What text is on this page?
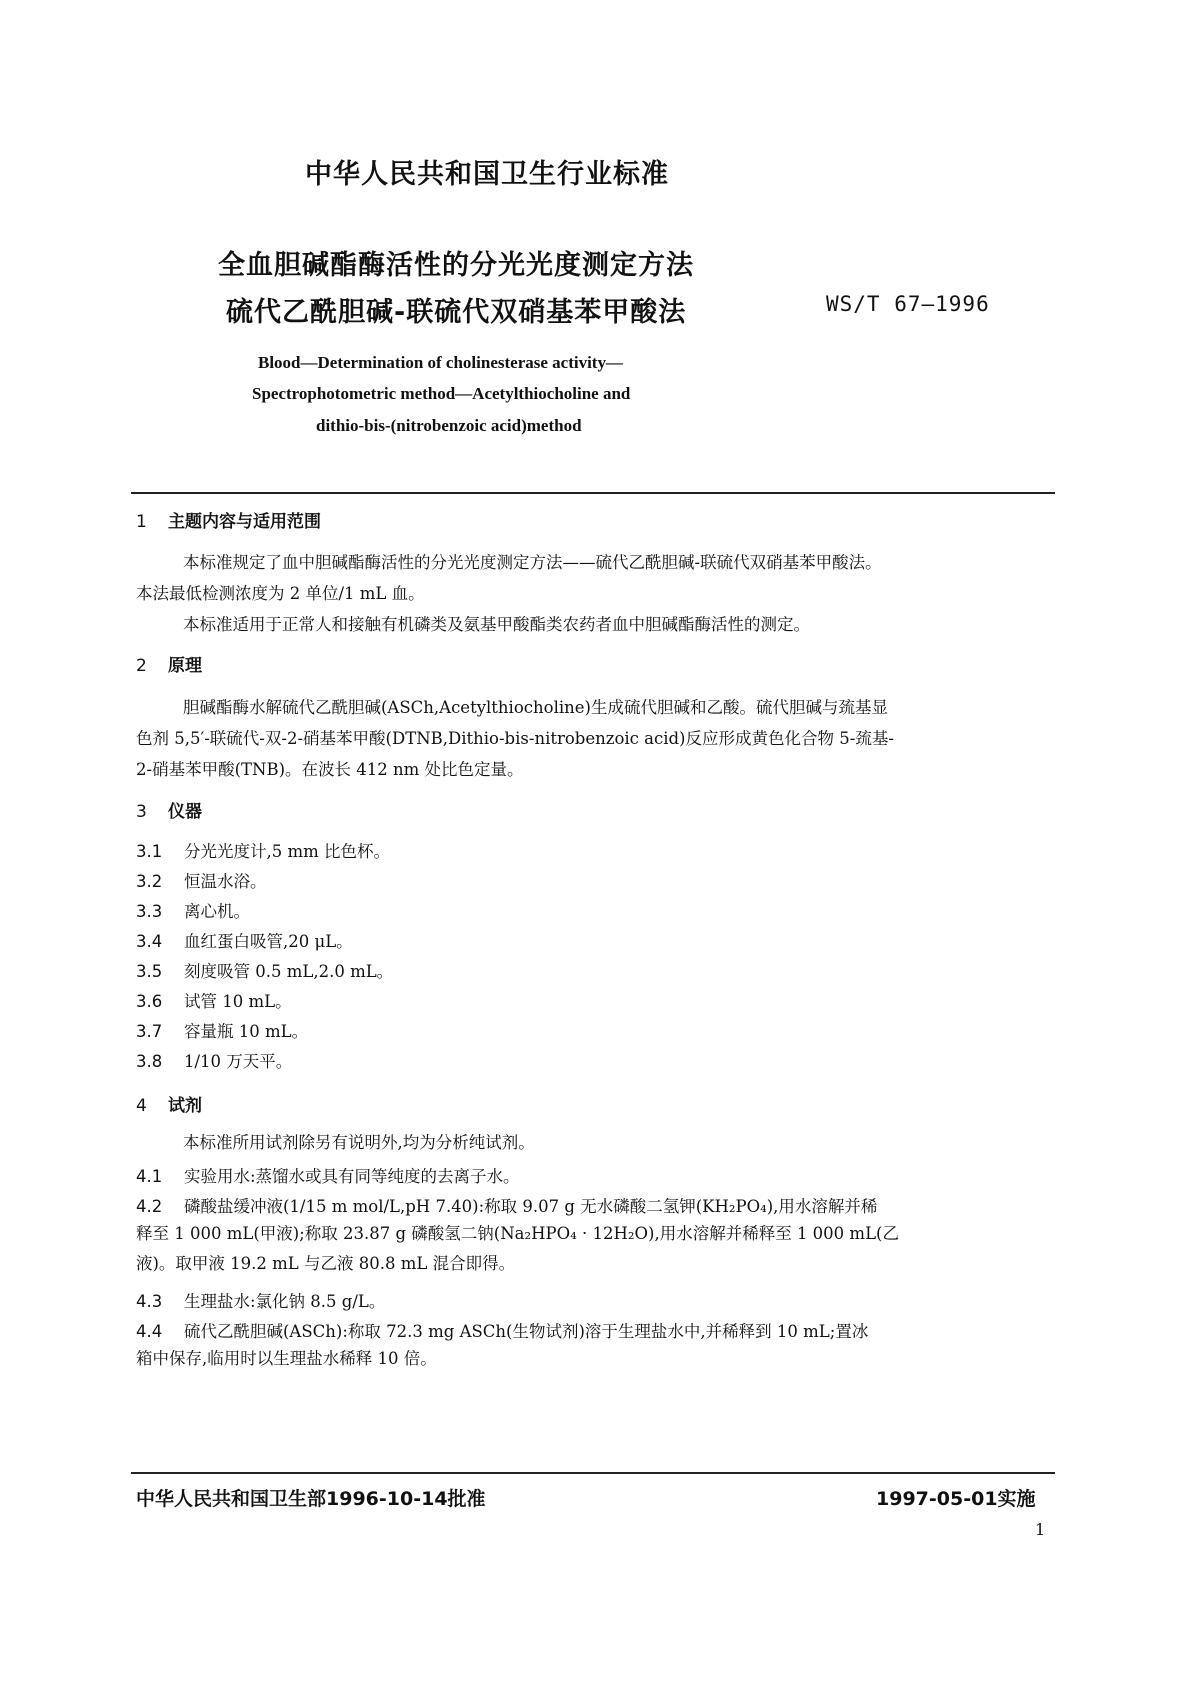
中华人民共和国卫生行业标准
全血胆碱酯酶活性的分光光度测定方法
硫代乙酰胆碱-联硫代双硝基苯甲酸法	WS/T 67—1996
Blood—Determination of cholinesterase activity—
Spectrophotometric method—Acetylthiocholine and
dithio-bis-(nitrobenzoic acid)method
1 主题内容与适用范围
本标准规定了血中胆碱酯酶活性的分光光度测定方法——硫代乙酰胆碱-联硫代双硝基苯甲酸法。
本法最低检测浓度为 2 单位/1 mL 血。
本标准适用于正常人和接触有机磷类及氨基甲酸酯类农药者血中胆碱酯酶活性的测定。
2 原理
胆碱酯酶水解硫代乙酰胆碱(ASCh,Acetylthiocholine)生成硫代胆碱和乙酸。硫代胆碱与巯基显
色剂 5,5′-联硫代-双-2-硝基苯甲酸(DTNB,Dithio-bis-nitrobenzoic acid)反应形成黄色化合物 5-巯基-
2-硝基苯甲酸(TNB)。在波长 412 nm 处比色定量。
3 仪器
3.1 分光光度计,5 mm 比色杯。
3.2 恒温水浴。
3.3 离心机。
3.4 血红蛋白吸管,20 μL。
3.5 刻度吸管 0.5 mL,2.0 mL。
3.6 试管 10 mL。
3.7 容量瓶 10 mL。
3.8 1/10 万天平。
4 试剂
本标准所用试剂除另有说明外,均为分析纯试剂。
4.1 实验用水:蒸馏水或具有同等纯度的去离子水。
4.2 磷酸盐缓冲液(1/15 m mol/L,pH 7.40):称取 9.07 g 无水磷酸二氢钾(KH₂PO₄),用水溶解并稀
释至 1 000 mL(甲液);称取 23.87 g 磷酸氢二钠(Na₂HPO₄ · 12H₂O),用水溶解并稀释至 1 000 mL(乙
液)。取甲液 19.2 mL 与乙液 80.8 mL 混合即得。
4.3 生理盐水:氯化钠 8.5 g/L。
4.4 硫代乙酰胆碱(ASCh):称取 72.3 mg ASCh(生物试剂)溶于生理盐水中,并稀释到 10 mL;置冰
箱中保存,临用时以生理盐水稀释 10 倍。
中华人民共和国卫生部1996-10-14批准	1997-05-01实施
1
